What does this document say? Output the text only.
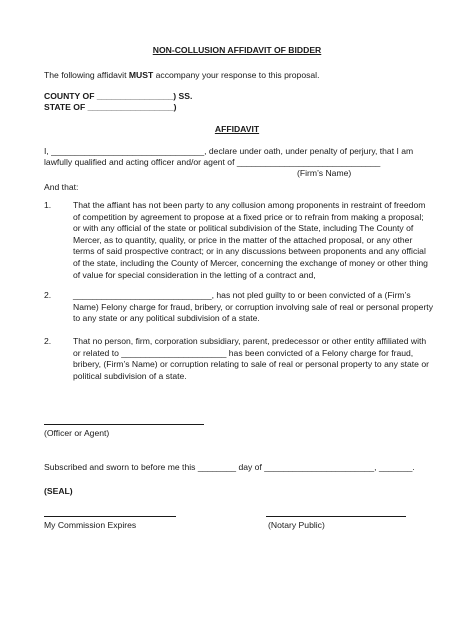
NON-COLLUSION AFFIDAVIT OF BIDDER
The following affidavit MUST accompany your response to this proposal.
COUNTY OF ________________) SS.
STATE OF __________________)
AFFIDAVIT
I, ________________________________, declare under oath, under penalty of perjury, that I am
lawfully qualified and acting officer and/or agent of ______________________________
(Firm’s Name)
And that:
1.	That the affiant has not been party to any collusion among proponents in restraint of freedom of competition by agreement to propose at a fixed price or to refrain from making a proposal; or with any official of the state or political subdivision of the State, including The County of Mercer, as to quantity, quality, or price in the matter of the attached proposal, or any other terms of said prospective contract; or in any discussions between proponents and any official of the state, including the County of Mercer, concerning the exchange of money or other thing of value for special consideration in the letting of a contract and,
2.	_____________________________, has not pled guilty to or been convicted of a (Firm’s Name) Felony charge for fraud, bribery, or corruption involving sale of real or personal property to any state or any political subdivision of a state.
2.	That no person, firm, corporation subsidiary, parent, predecessor or other entity affiliated with or related to ______________________ has been convicted of a Felony charge for fraud, bribery, (Firm’s Name) or corruption relating to sale of real or personal property to any state or political subdivision of a state.
(Officer or Agent)
Subscribed and sworn to before me this ________ day of _______________________, _______.
(SEAL)
My Commission Expires	(Notary Public)
